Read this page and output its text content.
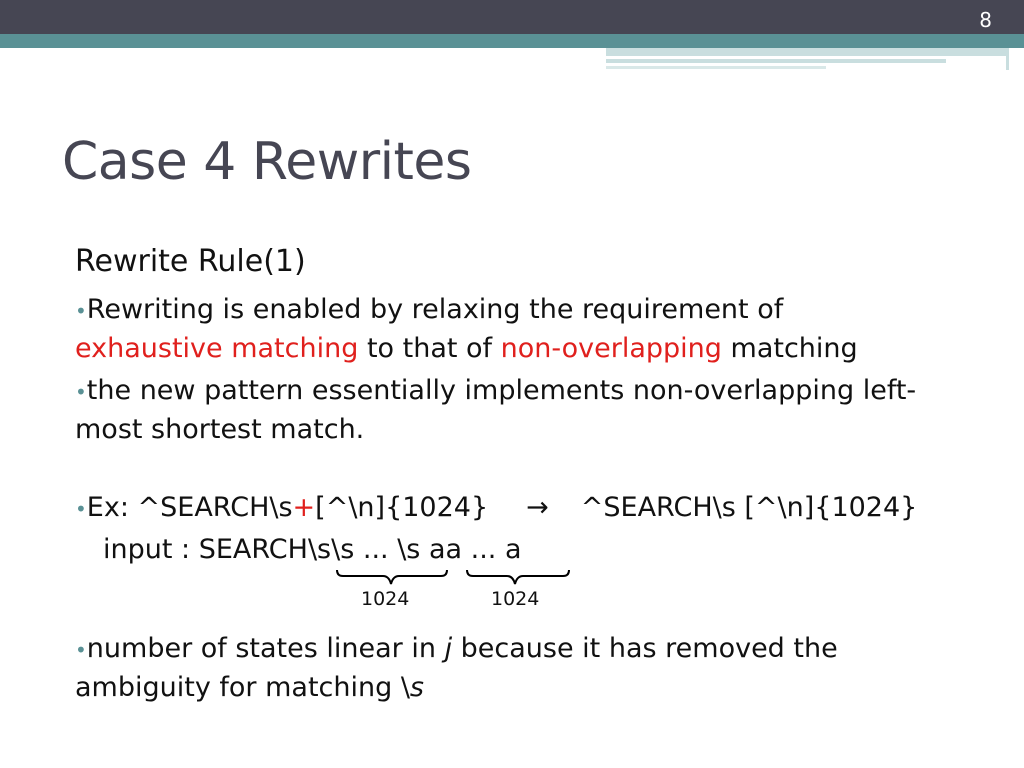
8
Case 4 Rewrites
Rewrite Rule(1)
•Rewriting is enabled by relaxing the requirement of
exhaustive matching to that of non-overlapping matching
•the new pattern essentially implements non-overlapping left-most shortest match.
•Ex: ^SEARCH\s+[^\n]{1024} → ^SEARCH\s [^\n]{1024}
input : SEARCH\s\s ... \s aa ... a
1024	1024
•number of states linear in j because it has removed the ambiguity for matching \s
